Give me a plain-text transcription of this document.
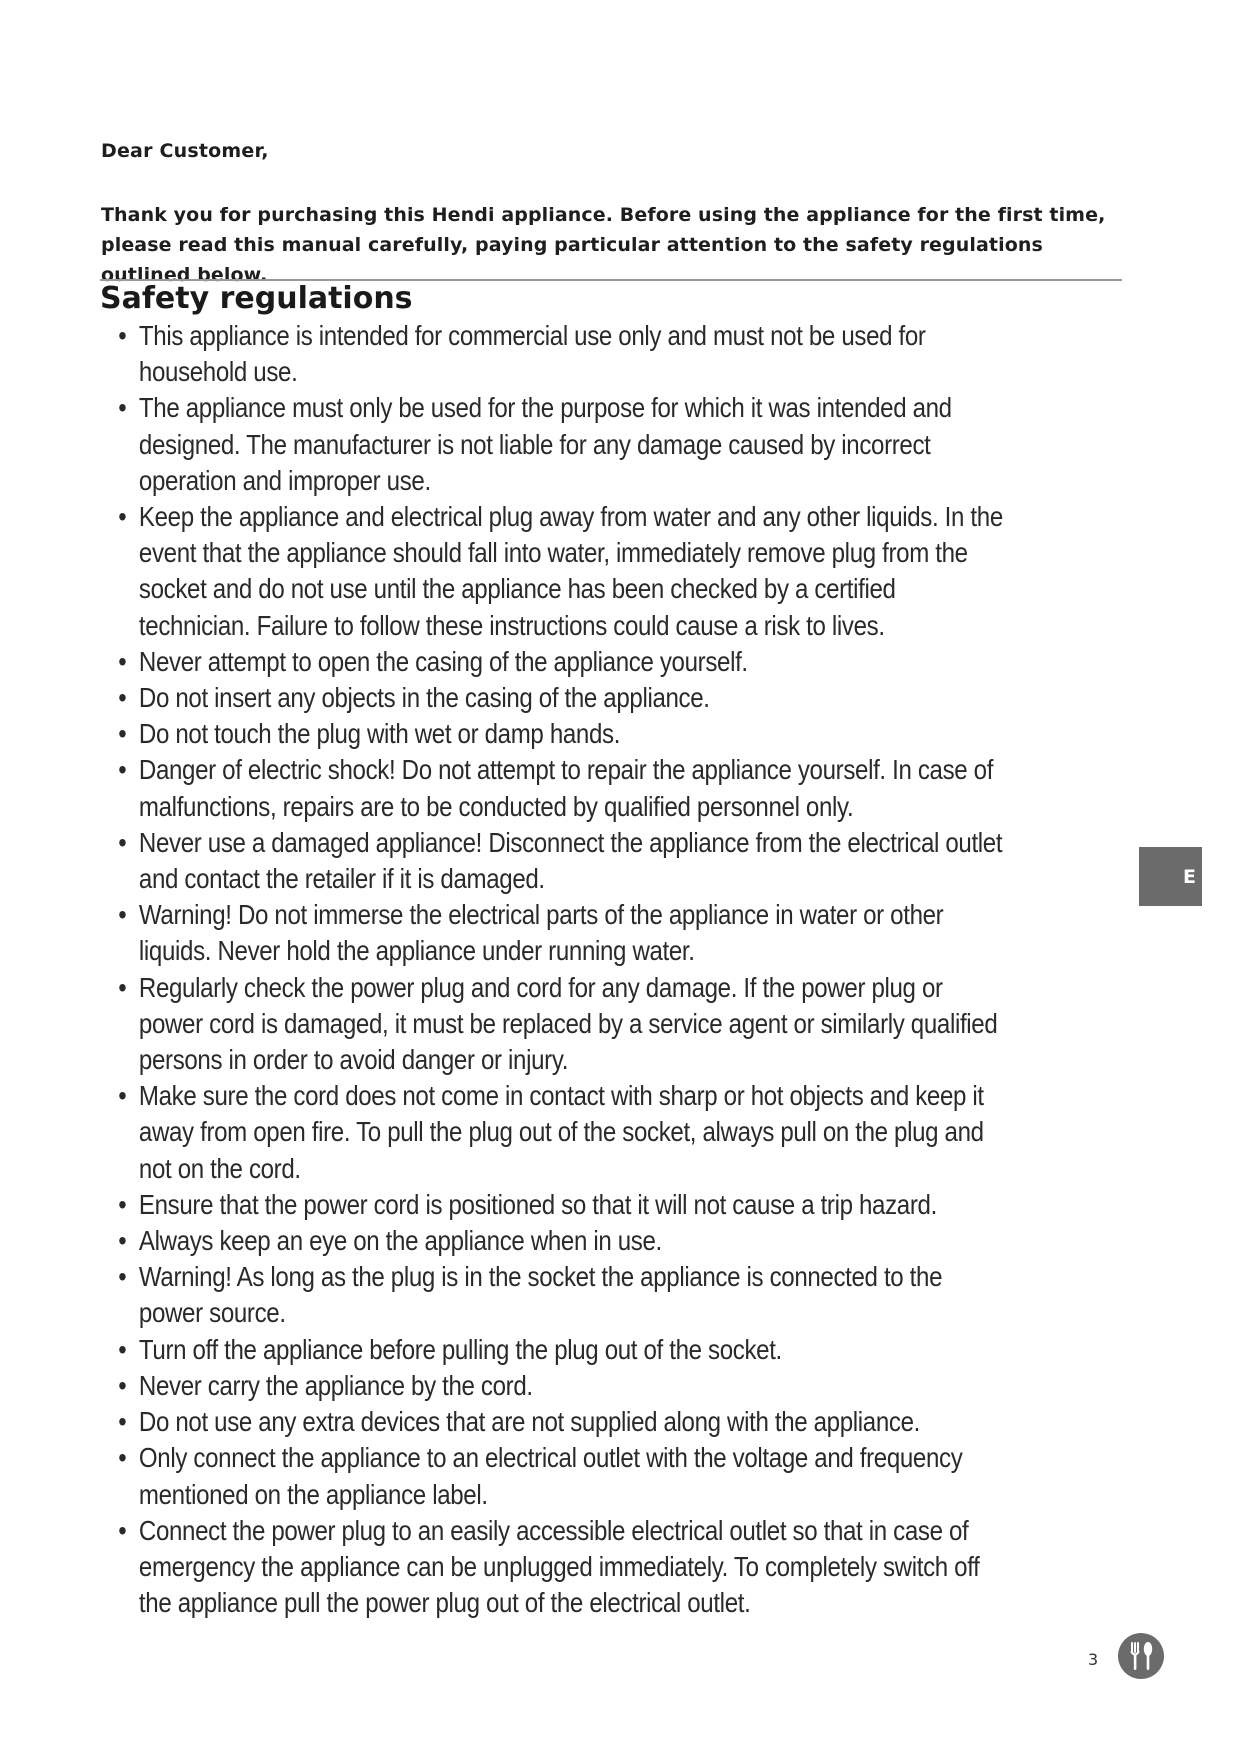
Dear Customer,

Thank you for purchasing this Hendi appliance. Before using the appliance for the first time, please read this manual carefully, paying particular attention to the safety regulations outlined below.

Safety regulations
• This appliance is intended for commercial use only and must not be used for household use.
• The appliance must only be used for the purpose for which it was intended and designed. The manufacturer is not liable for any damage caused by incorrect operation and improper use.
• Keep the appliance and electrical plug away from water and any other liquids. In the event that the appliance should fall into water, immediately remove plug from the socket and do not use until the appliance has been checked by a certified technician. Failure to follow these instructions could cause a risk to lives.
• Never attempt to open the casing of the appliance yourself.
• Do not insert any objects in the casing of the appliance.
• Do not touch the plug with wet or damp hands.
• Danger of electric shock! Do not attempt to repair the appliance yourself. In case of malfunctions, repairs are to be conducted by qualified personnel only.
• Never use a damaged appliance! Disconnect the appliance from the electrical outlet and contact the retailer if it is damaged.
• Warning! Do not immerse the electrical parts of the appliance in water or other liquids. Never hold the appliance under running water.
• Regularly check the power plug and cord for any damage. If the power plug or power cord is damaged, it must be replaced by a service agent or similarly qualified persons in order to avoid danger or injury.
• Make sure the cord does not come in contact with sharp or hot objects and keep it away from open fire. To pull the plug out of the socket, always pull on the plug and not on the cord.
• Ensure that the power cord is positioned so that it will not cause a trip hazard.
• Always keep an eye on the appliance when in use.
• Warning! As long as the plug is in the socket the appliance is connected to the power source.
• Turn off the appliance before pulling the plug out of the socket.
• Never carry the appliance by the cord.
• Do not use any extra devices that are not supplied along with the appliance.
• Only connect the appliance to an electrical outlet with the voltage and frequency mentioned on the appliance label.
• Connect the power plug to an easily accessible electrical outlet so that in case of emergency the appliance can be unplugged immediately. To completely switch off the appliance pull the power plug out of the electrical outlet.
E
3
